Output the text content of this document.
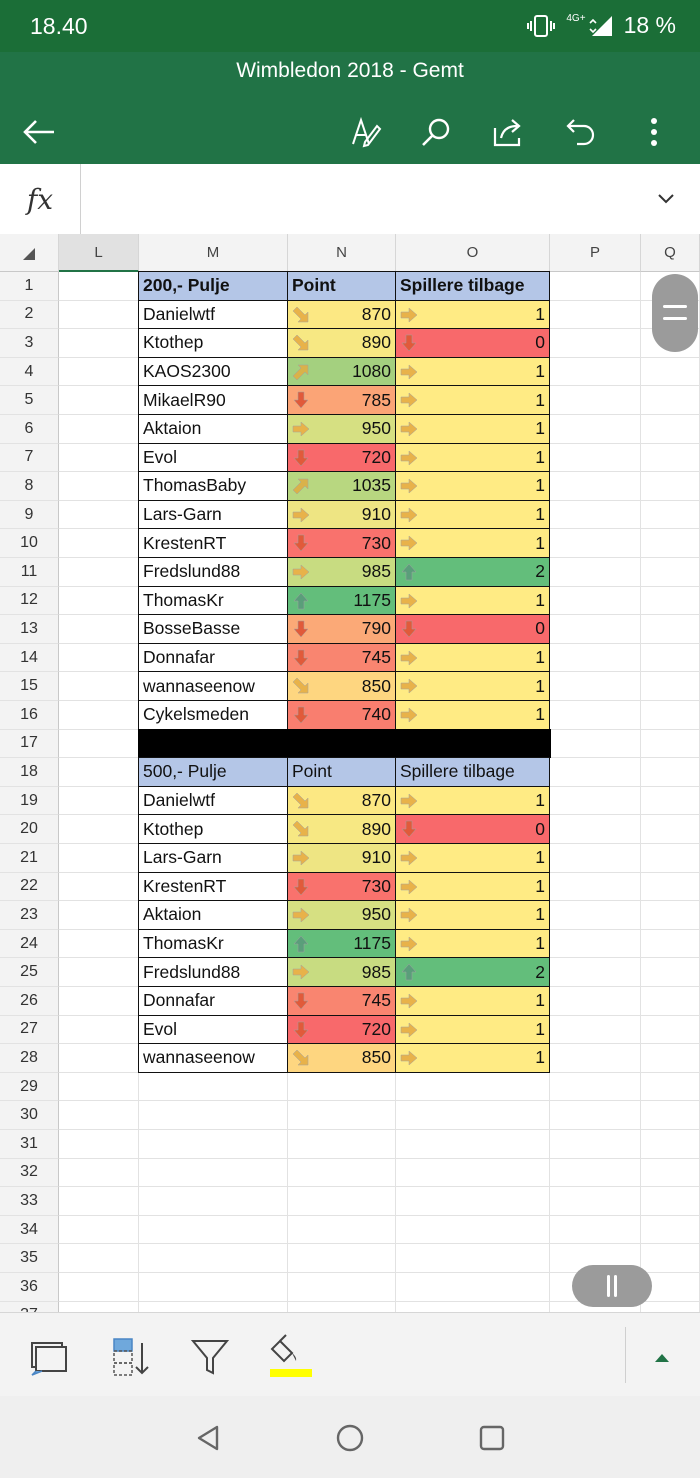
18.40	4G+ 18 %
Wimbledon 2018 - Gemt
fx
L	M	N	O	P	Q
1
2
3
4
5
6
7
8
9
10
11
12
13
14
15
16
17
18
19
20
21
22
23
24
25
26
27
28
29
30
31
32
33
34
35
36
200,- Pulje	Point	Spillere tilbage
Danielwtf	870	1
Ktothep	890	0
KAOS2300	1080	1
MikaelR90	785	1
Aktaion	950	1
Evol	720	1
ThomasBaby	1035	1
Lars-Garn	910	1
KrestenRT	730	1
Fredslund88	985	2
ThomasKr	1175	1
BosseBasse	790	0
Donnafar	745	1
wannaseenow	850	1
Cykelsmeden	740	1
500,- Pulje	Point	Spillere tilbage
Danielwtf	870	1
Ktothep	890	0
Lars-Garn	910	1
KrestenRT	730	1
Aktaion	950	1
ThomasKr	1175	1
Fredslund88	985	2
Donnafar	745	1
Evol	720	1
wannaseenow	850	1
